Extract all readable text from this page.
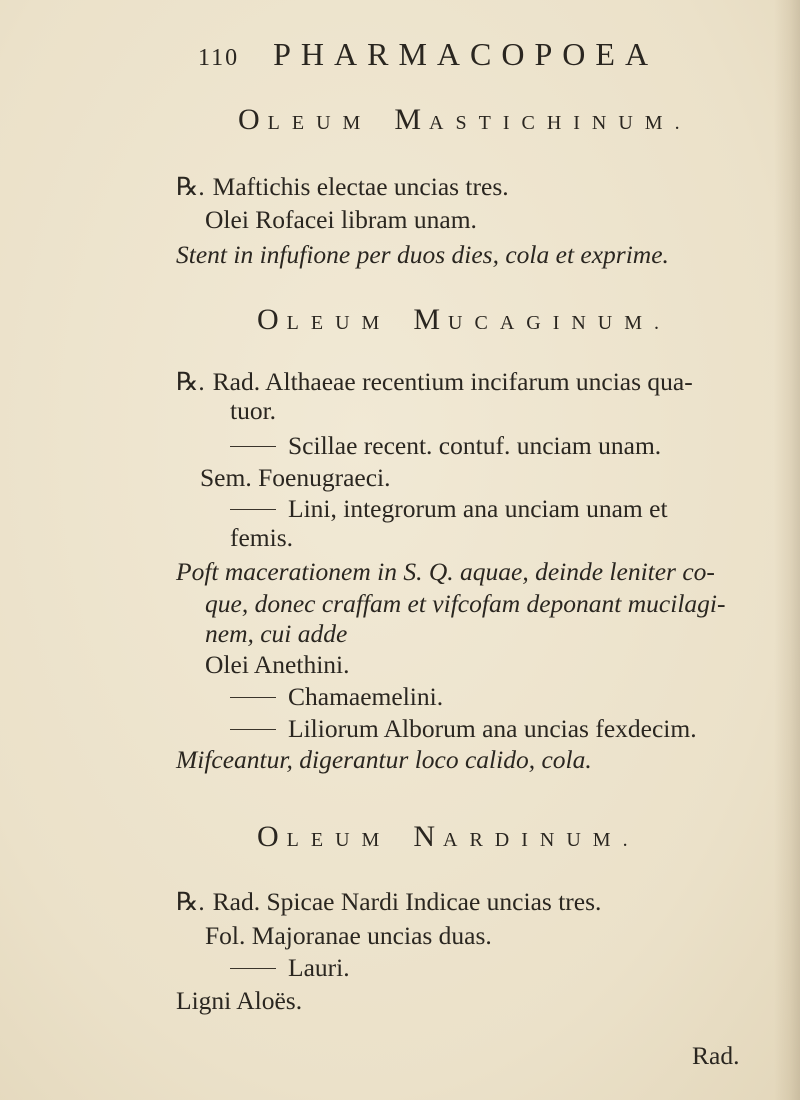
110 PHARMACOPOEA
OLEUM MASTICHINUM.
℞. Maftichis electae uncias tres.
Olei Rofacei libram unam.
Stent in infufione per duos dies, cola et exprime.
OLEUM MUCAGINUM.
℞. Rad. Althaeae recentium incifarum uncias qua-
tuor.
Scillae recent. contuf. unciam unam.
Sem. Foenugraeci.
Lini, integrorum ana unciam unam et
femis.
Poft macerationem in S. Q. aquae, deinde leniter co-
que, donec craffam et vifcofam deponant mucilagi-
nem, cui adde
Olei Anethini.
Chamaemelini.
Liliorum Alborum ana uncias fexdecim.
Mifceantur, digerantur loco calido, cola.
OLEUM NARDINUM.
℞. Rad. Spicae Nardi Indicae uncias tres.
Fol. Majoranae uncias duas.
Lauri.
Ligni Aloës.
Rad.
